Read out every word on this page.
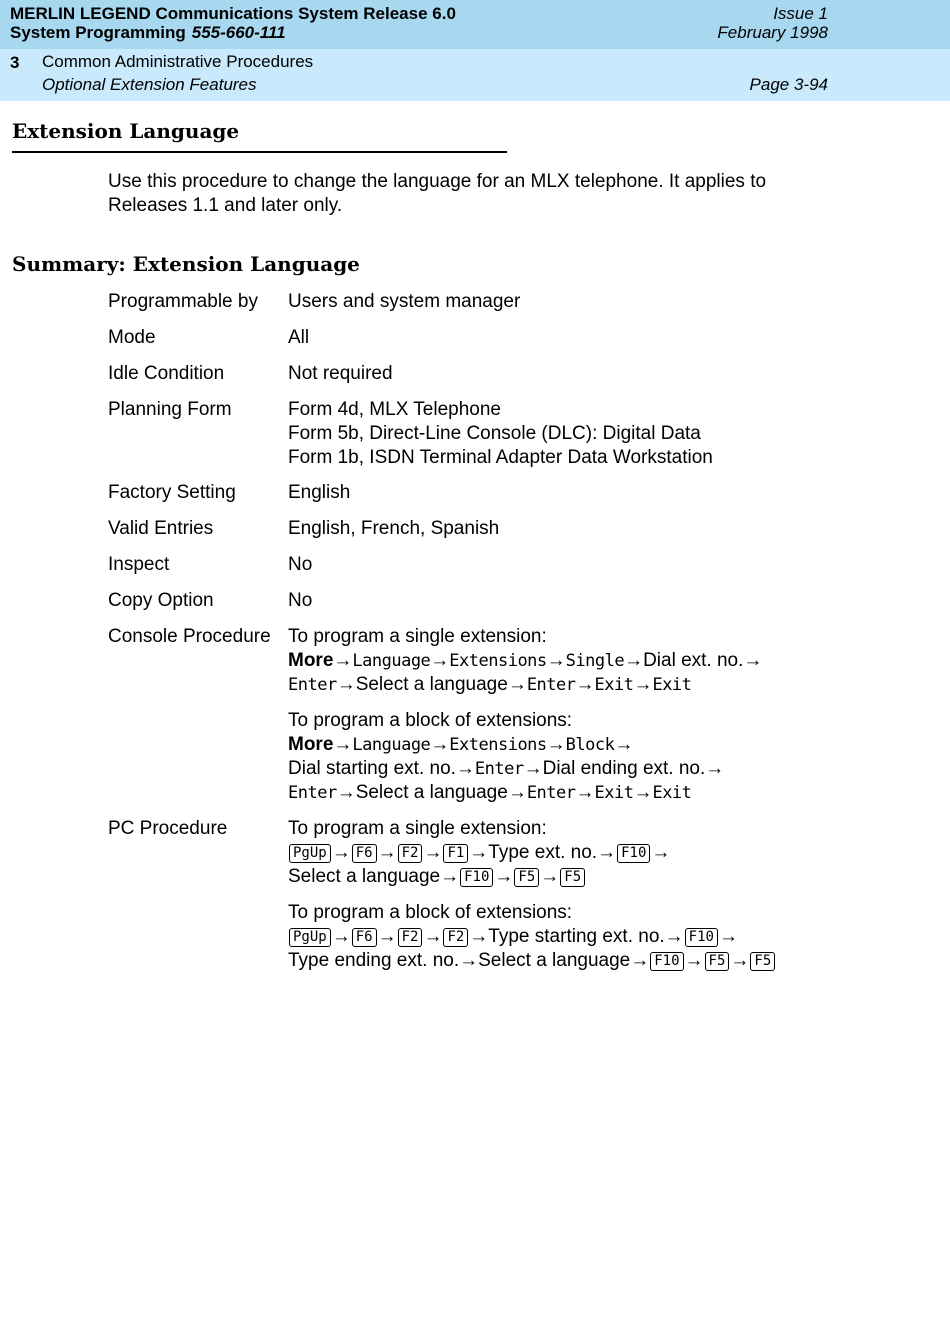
MERLIN LEGEND Communications System Release 6.0
System Programming 555-660-111
Issue 1
February 1998
3 Common Administrative Procedures
Optional Extension Features	Page 3-94
Extension Language
Use this procedure to change the language for an MLX telephone. It applies to Releases 1.1 and later only.
Summary: Extension Language
Programmable by Users and system manager
Mode	All
Idle Condition	Not required
Planning Form	Form 4d, MLX Telephone
Form 5b, Direct-Line Console (DLC): Digital Data
Form 1b, ISDN Terminal Adapter Data Workstation
Factory Setting	English
Valid Entries	English, French, Spanish
Inspect	No
Copy Option	No
Console Procedure To program a single extension:
More→Language→Extensions→Single→Dial ext. no.→
Enter→Select a language→Enter→Exit→Exit
To program a block of extensions:
More→Language→Extensions→Block→
Dial starting ext. no.→Enter→Dial ending ext. no.→
Enter→Select a language→Enter→Exit→Exit
PC Procedure	To program a single extension:
PgUp → F6 → F2 → F1 →Type ext. no.→ F10 →
Select a language→ F10 → F5 → F5
To program a block of extensions:
PgUp → F6 → F2 → F2 →Type starting ext. no.→ F10 →
Type ending ext. no.→Select a language→ F10 → F5 → F5
